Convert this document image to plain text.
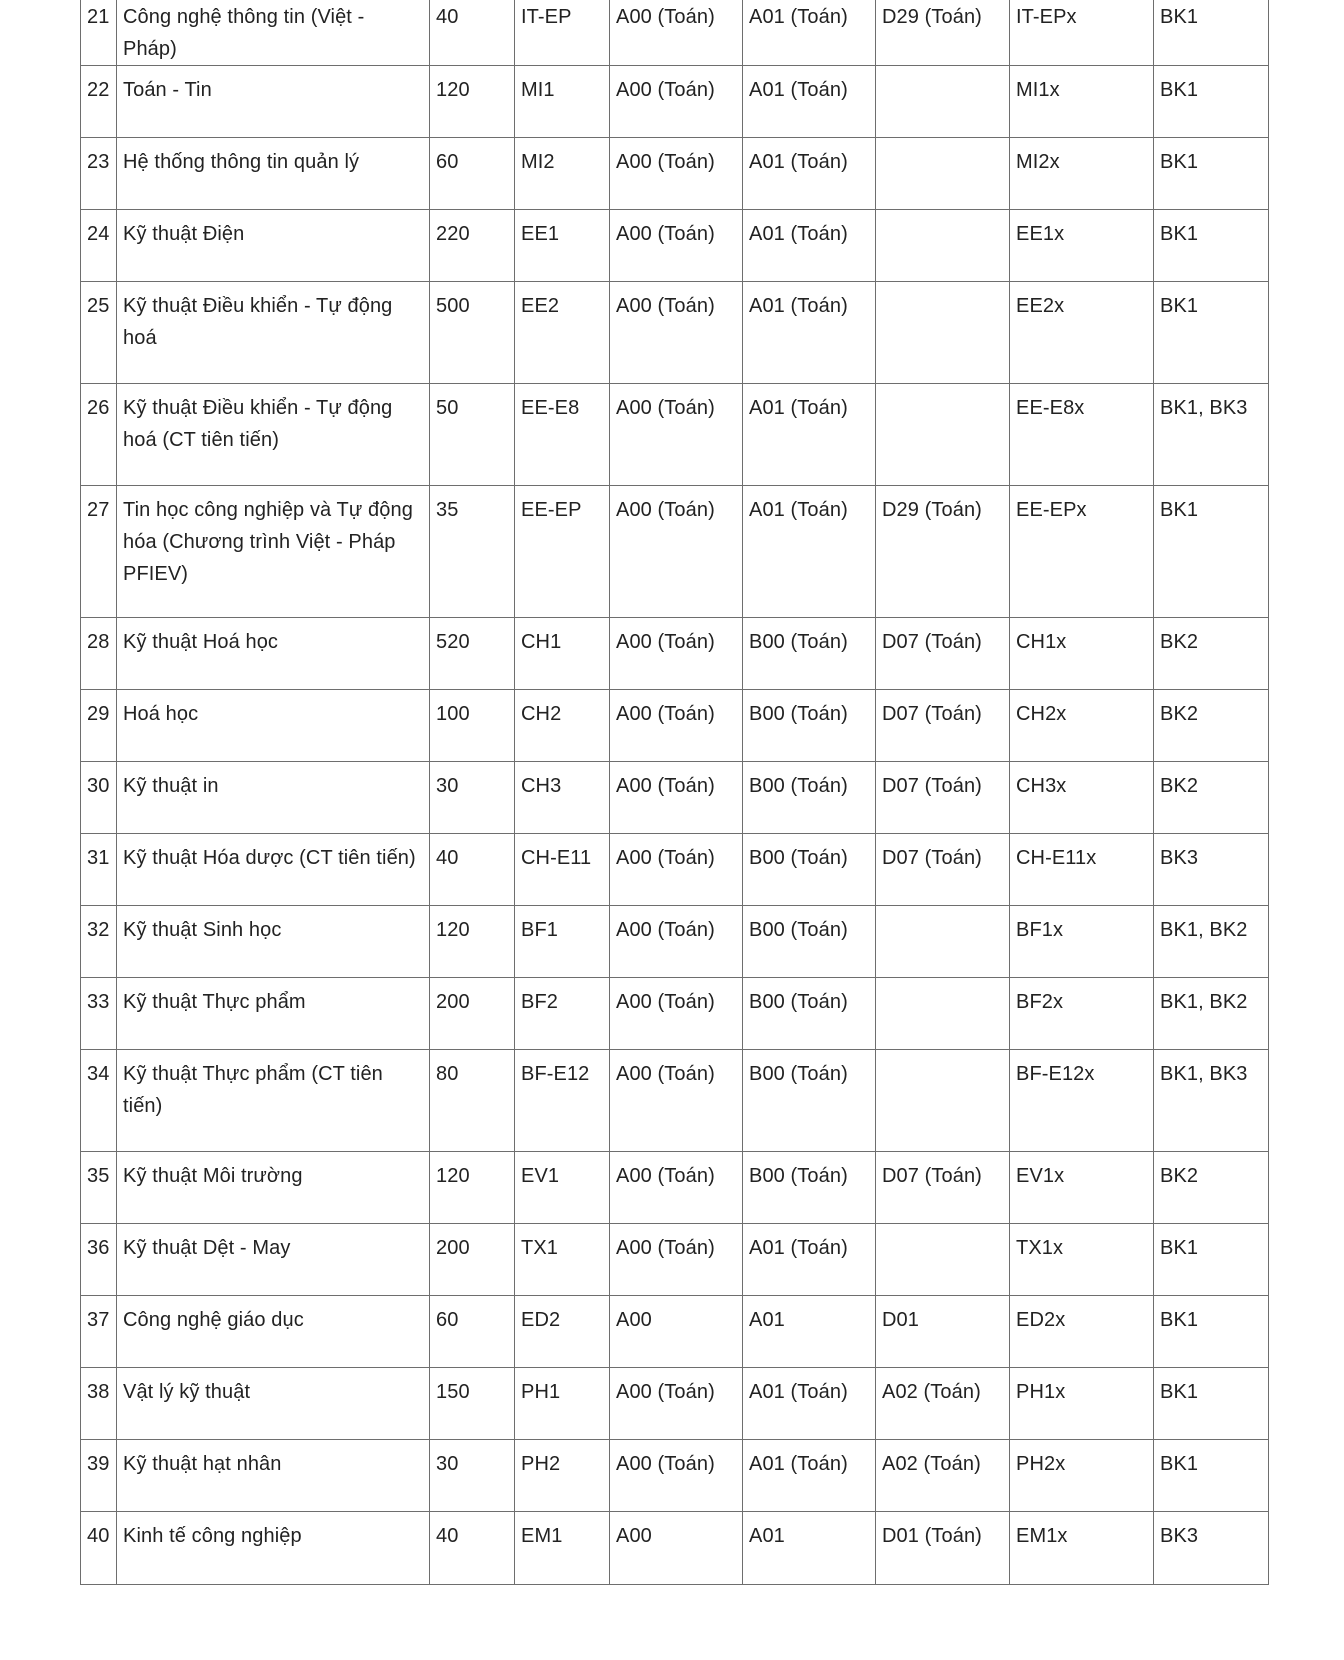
21	Công nghệ thông tin (Việt - Pháp)	40	IT-EP	A00 (Toán)	A01 (Toán)	D29 (Toán)	IT-EPx	BK1

22	Toán - Tin	120	MI1	A00 (Toán)	A01 (Toán)		MI1x	BK1

23	Hệ thống thông tin quản lý	60	MI2	A00 (Toán)	A01 (Toán)		MI2x	BK1

24	Kỹ thuật Điện	220	EE1	A00 (Toán)	A01 (Toán)		EE1x	BK1

25	Kỹ thuật Điều khiển - Tự động hoá	500	EE2	A00 (Toán)	A01 (Toán)		EE2x	BK1

26	Kỹ thuật Điều khiển - Tự động hoá (CT tiên tiến)	50	EE-E8	A00 (Toán)	A01 (Toán)		EE-E8x	BK1, BK3

27	Tin học công nghiệp và Tự động hóa (Chương trình Việt - Pháp PFIEV)	35	EE-EP	A00 (Toán)	A01 (Toán)	D29 (Toán)	EE-EPx	BK1

28	Kỹ thuật Hoá học	520	CH1	A00 (Toán)	B00 (Toán)	D07 (Toán)	CH1x	BK2

29	Hoá học	100	CH2	A00 (Toán)	B00 (Toán)	D07 (Toán)	CH2x	BK2

30	Kỹ thuật in	30	CH3	A00 (Toán)	B00 (Toán)	D07 (Toán)	CH3x	BK2

31	Kỹ thuật Hóa dược (CT tiên tiến)	40	CH-E11	A00 (Toán)	B00 (Toán)	D07 (Toán)	CH-E11x	BK3

32	Kỹ thuật Sinh học	120	BF1	A00 (Toán)	B00 (Toán)		BF1x	BK1, BK2

33	Kỹ thuật Thực phẩm	200	BF2	A00 (Toán)	B00 (Toán)		BF2x	BK1, BK2

34	Kỹ thuật Thực phẩm (CT tiên tiến)	80	BF-E12	A00 (Toán)	B00 (Toán)		BF-E12x	BK1, BK3

35	Kỹ thuật Môi trường	120	EV1	A00 (Toán)	B00 (Toán)	D07 (Toán)	EV1x	BK2

36	Kỹ thuật Dệt - May	200	TX1	A00 (Toán)	A01 (Toán)		TX1x	BK1

37	Công nghệ giáo dục	60	ED2	A00	A01	D01	ED2x	BK1

38	Vật lý kỹ thuật	150	PH1	A00 (Toán)	A01 (Toán)	A02 (Toán)	PH1x	BK1

39	Kỹ thuật hạt nhân	30	PH2	A00 (Toán)	A01 (Toán)	A02 (Toán)	PH2x	BK1

40	Kinh tế công nghiệp	40	EM1	A00	A01	D01 (Toán)	EM1x	BK3
